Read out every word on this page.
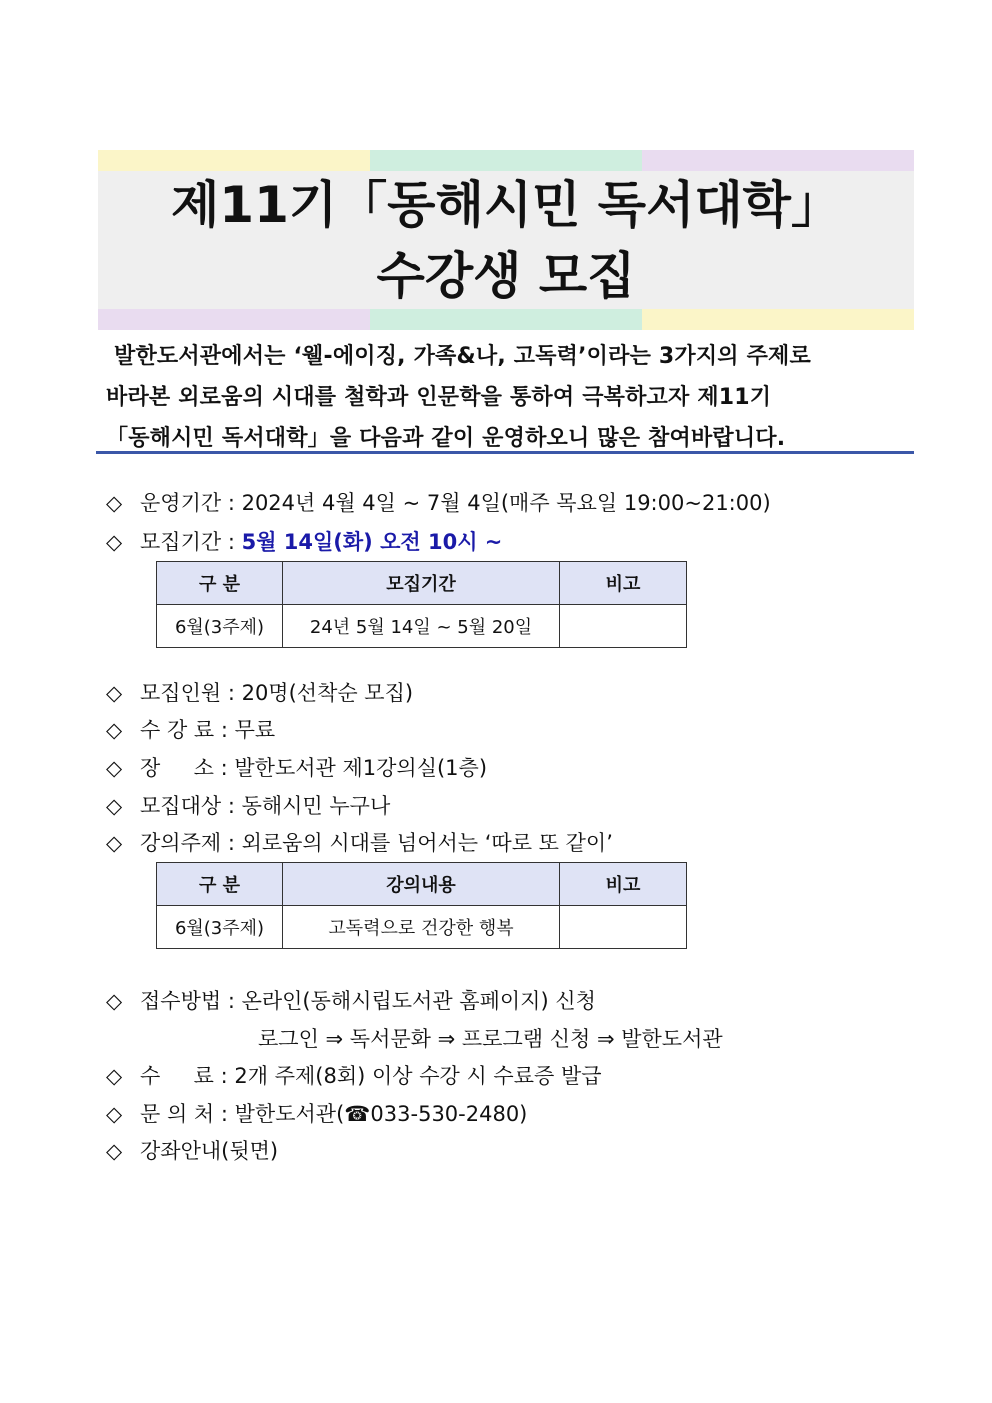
제11기「동해시민 독서대학」
수강생 모집

발한도서관에서는 ‘웰-에이징, 가족&나, 고독력’이라는 3가지의 주제로

바라본 외로움의 시대를 철학과 인문학을 통하여 극복하고자 제11기

「동해시민 독서대학」을 다음과 같이 운영하오니 많은 참여바랍니다.

◇ 운영기간 : 2024년 4월 4일 ~ 7월 4일(매주 목요일 19:00~21:00)
◇ 모집기간 : 5월 14일(화) 오전 10시 ~
구 분	모집기간	비고
6월(3주제)	24년 5월 14일 ~ 5월 20일	
◇ 모집인원 : 20명(선착순 모집)
◇ 수 강 료 : 무료
◇ 장     소 : 발한도서관 제1강의실(1층)
◇ 모집대상 : 동해시민 누구나
◇ 강의주제 : 외로움의 시대를 넘어서는 ‘따로 또 같이’
구 분	강의내용	비고
6월(3주제)	고독력으로 건강한 행복	
◇ 접수방법 : 온라인(동해시립도서관 홈페이지) 신청
로그인 ⇒ 독서문화 ⇒ 프로그램 신청 ⇒ 발한도서관
◇ 수     료 : 2개 주제(8회) 이상 수강 시 수료증 발급
◇ 문 의 처 : 발한도서관(☎033-530-2480)
◇ 강좌안내(뒷면)
